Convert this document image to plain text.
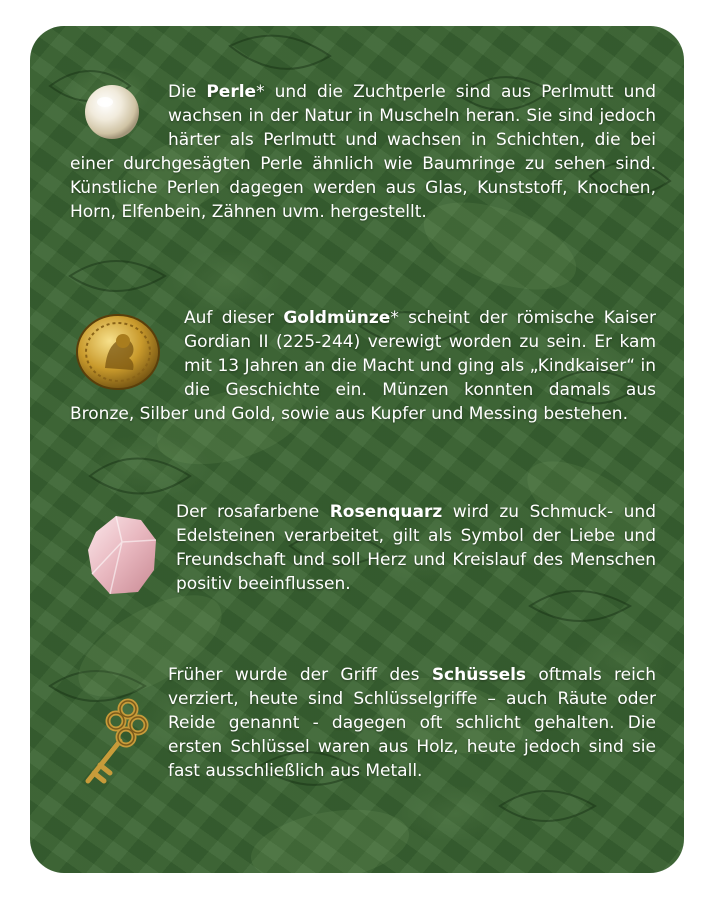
Die Perle* und die Zuchtperle sind aus Perlmutt und wachsen in der Natur in Muscheln heran. Sie sind jedoch härter als Perlmutt und wachsen in Schichten, die bei einer durchgesägten Perle ähnlich wie Baumringe zu sehen sind. Künstliche Perlen dagegen werden aus Glas, Kunststoff, Knochen, Horn, Elfenbein, Zähnen uvm. hergestellt.
Auf dieser Goldmünze* scheint der römische Kaiser Gordian II (225-244) verewigt worden zu sein. Er kam mit 13 Jahren an die Macht und ging als „Kindkaiser“ in die Geschichte ein. Münzen konnten damals aus Bronze, Silber und Gold, sowie aus Kupfer und Messing bestehen.
Der rosafarbene Rosenquarz wird zu Schmuck- und Edelsteinen verarbeitet, gilt als Symbol der Liebe und Freundschaft und soll Herz und Kreislauf des Menschen positiv beeinflussen.
Früher wurde der Griff des Schüssels oftmals reich verziert, heute sind Schlüsselgriffe – auch Räute oder Reide genannt - dagegen oft schlicht gehalten. Die ersten Schlüssel waren aus Holz, heute jedoch sind sie fast ausschließlich aus Metall.
